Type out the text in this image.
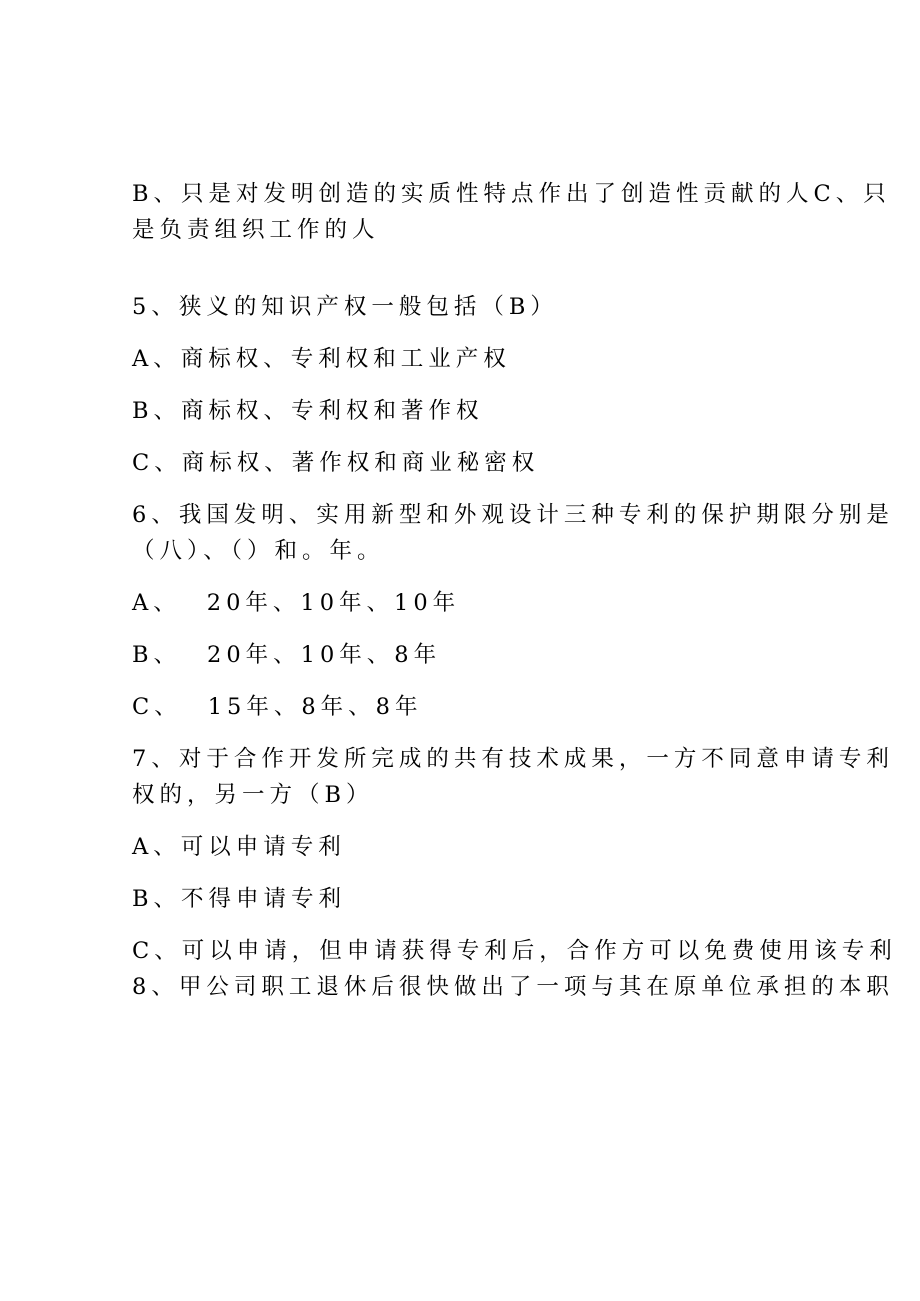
B、只是对发明创造的实质性特点作出了创造性贡献的人C、只
是负责组织工作的人
5、狭义的知识产权一般包括（B）
A、商标权、专利权和工业产权
B、商标权、专利权和著作权
C、商标权、著作权和商业秘密权
6、我国发明、实用新型和外观设计三种专利的保护期限分别是
（八）、（）和。年。
A、 20年、10年、10年
B、 20年、10年、8年
C、 15年、8年、8年
7、对于合作开发所完成的共有技术成果，一方不同意申请专利
权的，另一方（B）
A、可以申请专利
B、不得申请专利
C、可以申请，但申请获得专利后，合作方可以免费使用该专利
8、甲公司职工退休后很快做出了一项与其在原单位承担的本职
